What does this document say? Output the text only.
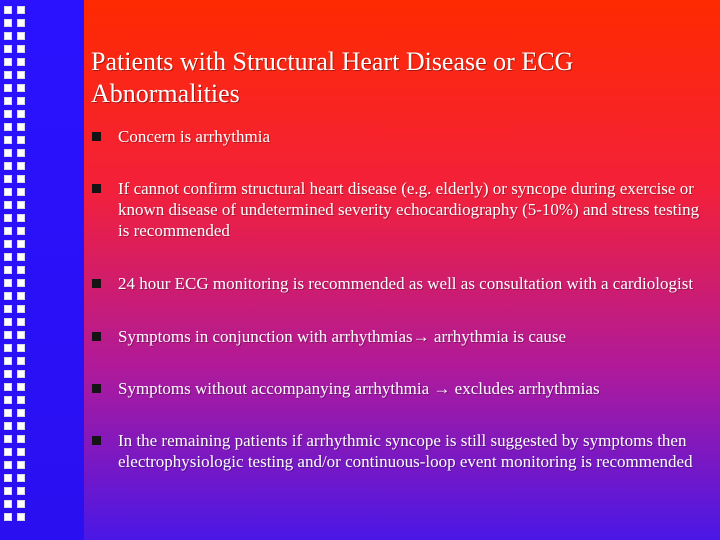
Patients with Structural Heart Disease or ECG Abnormalities
Concern is arrhythmia
If cannot confirm structural heart disease (e.g. elderly) or syncope during exercise or known disease of undetermined severity echocardiography (5-10%) and stress testing is recommended
24 hour ECG monitoring is recommended as well as consultation with a cardiologist
Symptoms in conjunction with arrhythmias→ arrhythmia is cause
Symptoms without accompanying arrhythmia → excludes arrhythmias
In the remaining patients if arrhythmic syncope is still suggested by symptoms then electrophysiologic testing and/or continuous-loop event monitoring is recommended
